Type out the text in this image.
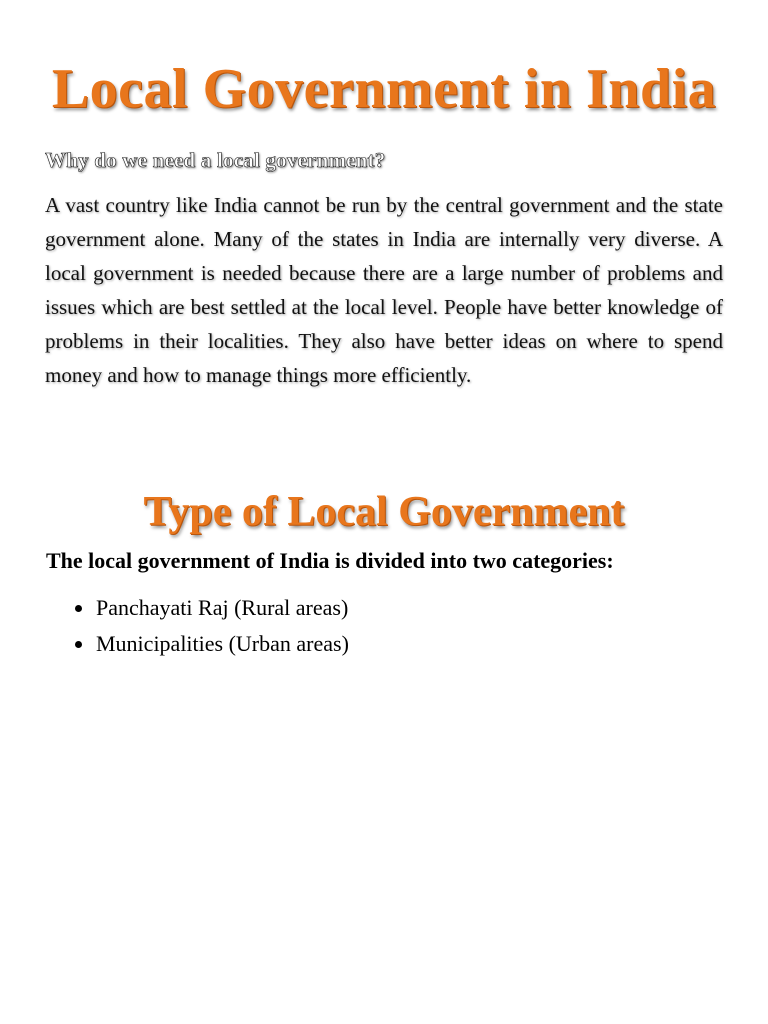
Local Government in India
Why do we need a local government?

A vast country like India cannot be run by the central government and the state government alone. Many of the states in India are internally very diverse. A local government is needed because there are a large number of problems and issues which are best settled at the local level. People have better knowledge of problems in their localities. They also have better ideas on where to spend money and how to manage things more efficiently.

Type of Local Government

The local government of India is divided into two categories:

Panchayati Raj (Rural areas)
Municipalities (Urban areas)
